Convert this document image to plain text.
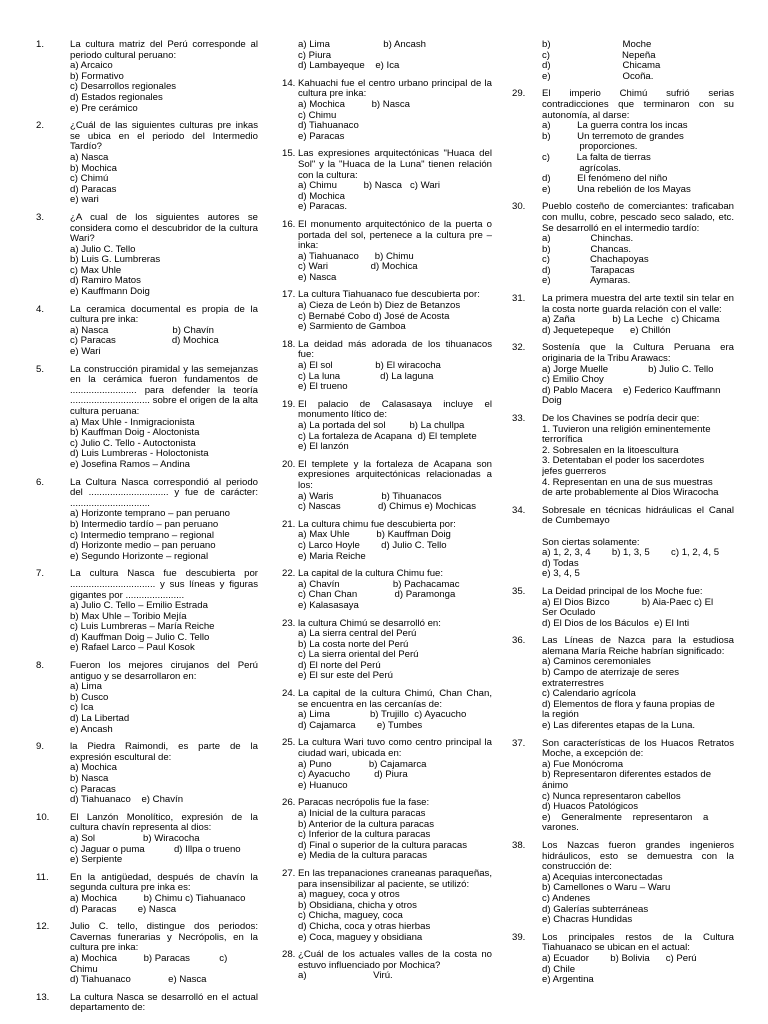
1.	La cultura matriz del Perú corresponde al periodo cultural peruano:
a) Arcaico
b) Formativo
c) Desarrollos regionales
d) Estados regionales
e) Pre cerámico
2.	¿Cuál de las siguientes culturas pre inkas se ubica en el periodo del Intermedio Tardío?
a) Nasca
b) Mochica
c) Chimú
d) Paracas
e) wari
3.	¿A cual de los siguientes autores se considera como el descubridor de la cultura Wari?
a) Julio C. Tello
b) Luis G. Lumbreras
c) Max Uhle
d) Ramiro Matos
e) Kauffmann Doig
4.	La ceramica documental es propia de la cultura pre inka:
a) Nasca                        b) Chavín
c) Paracas                     d) Mochica
e) Wari
5.	La construcción piramidal y las semejanzas en la cerámica fueron fundamentos de ......................... para defender la teoría .............................. sobre el origen de la alta cultura peruana:
a) Max Uhle - Inmigracionista
b) Kauffman Doig - Aloctonista
c) Julio C. Tello - Autoctonista
d) Luis Lumbreras - Holoctonista
e) Josefina Ramos – Andina
6.	La Cultura Nasca correspondió al periodo del .............................. y fue de carácter: ..............................
a) Horizonte temprano – pan peruano
b) Intermedio tardío – pan peruano
c) Intermedio temprano – regional
d) Horizonte medio – pan peruano
e) Segundo Horizonte – regional
7.	La cultura Nasca fue descubierta por ................................ y sus líneas y figuras gigantes por ......................
a) Julio C. Tello – Emilio Estrada
b) Max Uhle – Toribio Mejía
c) Luis Lumbreras – María Reiche
d) Kauffman Doig – Julio C. Tello
e) Rafael Larco – Paul Kosok
8.	Fueron los mejores cirujanos del Perú antiguo y se desarrollaron en:
a) Lima
b) Cusco
c) Ica
d) La Libertad
e) Ancash
9.	la Piedra Raimondi, es parte de la expresión escultural de:
a) Mochica
b) Nasca
c) Paracas
d) Tiahuanaco    e) Chavín
10.	El Lanzón Monolítico, expresión de la cultura chavín representa al dios:
a) Sol                  b) Wiracocha
c) Jaguar o puma           d) Illpa o trueno
e) Serpiente
11.	En la antigüedad, después de chavín la segunda cultura pre inka es:
a) Mochica          b) Chimu c) Tiahuanaco
d) Paracas        e) Nasca
12.	Julio C. tello, distingue dos periodos: Cavernas funerarias y Necrópolis, en la cultura pre inka:
a) Mochica          b) Paracas           c)
Chimu
d) Tiahuanaco              e) Nasca
13.	La cultura Nasca se desarrolló en el actual departamento de:
a) Lima                    b) Ancash
c) Piura
d) Lambayeque    e) Ica
14. Kahuachi fue el centro urbano principal de la cultura pre inka:
a) Mochica          b) Nasca
c) Chimu
d) Tiahuanaco
e) Paracas
15. Las expresiones arquitectónicas "Huaca del Sol" y la "Huaca de la Luna" tienen relación con la cultura:
a) Chimu          b) Nasca   c) Wari
d) Mochica
e) Paracas.
16. El monumento arquitectónico de la puerta o portada del sol, pertenece a la cultura pre – inka:
a) Tiahuanaco      b) Chimu
c) Wari                d) Mochica
e) Nasca
17. La cultura Tiahuanaco fue descubierta por:
a) Cieza de León b) Diez de Betanzos
c) Bernabé Cobo d) José de Acosta
e) Sarmiento de Gamboa
18. La deidad más adorada de los tihuanacos fue:
a) El sol                b) El wiracocha
c) La luna               d) La laguna
e) El trueno
19. El palacio de Calasasaya incluye el monumento lítico de:
a) La portada del sol         b) La chullpa
c) La fortaleza de Acapana  d) El templete
e) El lanzón
20. El templete y la fortaleza de Acapana son expresiones arquitectónicas relacionadas a los:
a) Waris                  b) Tihuanacos
c) Nascas              d) Chimus e) Mochicas
21. La cultura chimu fue descubierta por:
a) Max Uhle          b) Kauffman Doig
c) Larco Hoyle        d) Julio C. Tello
e) Maria Reiche
22. La capital de la cultura Chimu fue:
a) Chavín                    b) Pachacamac
c) Chan Chan              d) Paramonga
e) Kalasasaya
23. la cultura Chimú se desarrolló en:
a) La sierra central del Perú
b) La costa norte del Perú
c) La sierra oriental del Perú
d) El norte del Perú
e) El sur este del Perú
24. La capital de la cultura Chimú, Chan Chan, se encuentra en las cercanías de:
a) Lima               b) Trujillo  c) Ayacucho
d) Cajamarca        e) Tumbes
25. La cultura Wari tuvo como centro principal la ciudad wari, ubicada en:
a) Puno              b) Cajamarca
c) Ayacucho         d) Piura
e) Huanuco
26. Paracas necrópolis fue la fase:
a) Inicial de la cultura paracas
b) Anterior de la cultura paracas
c) Inferior de la cultura paracas
d) Final o superior de la cultura paracas
e) Media de la cultura paracas
27. En las trepanaciones craneanas paraqueñas, para insensibilizar al paciente, se utilizó:
a) maguey, coca y otros
b) Obsidiana, chicha y otros
c) Chicha, maguey, coca
d) Chicha, coca y otras hierbas
e) Coca, maguey y obsidiana
28. ¿Cuál de los actuales valles de la costa no estuvo influenciado por Mochica?
a)                         Virú.
b)                           Moche
c)                           Nepeña
d)                           Chicama
e)                           Ocoña.
29.	El imperio Chimú sufrió serias contradicciones que terminaron con su autonomía, al darse:
a)          La guerra contra los incas
b)          Un terremoto de grandes
proporciones.
c)          La falta de tierras
agrícolas.
d)          El fenómeno del niño
e)          Una rebelión de los Mayas
30.	Pueblo costeño de comerciantes: traficaban con mullu, cobre, pescado seco salado, etc. Se desarrolló en el intermedio tardío:
a)               Chinchas.
b)               Chancas.
c)               Chachapoyas
d)               Tarapacas
e)               Aymaras.
31.	La primera muestra del arte textil sin telar en la costa norte guarda relación con el valle:
a) Zaña              b) La Leche   c) Chicama
d) Jequetepeque      e) Chillón
32.	Sostenía que la Cultura Peruana era originaria de la Tribu Arawacs:
a) Jorge Muelle               b) Julio C. Tello
c) Emilio Choy
d) Pablo Macera    e) Federico Kauffmann
Doig
33.	De los Chavines se podría decir que:
1. Tuvieron una religión eminentemente
terrorífica
2. Sobresalen en la litoescultura
3. Detentaban el poder los sacerdotes
jefes guerreros
4. Representan en una de sus muestras
de arte probablemente al Dios Wiracocha
34.	Sobresale en técnicas hidráulicas el Canal de Cumbemayo
Son ciertas solamente:
a) 1, 2, 3, 4        b) 1, 3, 5        c) 1, 2, 4, 5
d) Todas
e) 3, 4, 5
35.	La Deidad principal de los Moche fue:
a) El Dios Bizco            b) Aia-Paec c) El
Ser Oculado
d) El Dios de los Báculos  e) El Inti
36.	Las Líneas de Nazca para la estudiosa alemana María Reiche habrían significado:
a) Caminos ceremoniales
b) Campo de aterrizaje de seres
extraterrestres
c) Calendario agrícola
d) Elementos de flora y fauna propias de
la región
e) Las diferentes etapas de la Luna.
37.	Son características de los Huacos Retratos Moche, a excepción de:
a) Fue Monócroma
b) Representaron diferentes estados de
ánimo
c) Nunca representaron cabellos
d) Huacos Patológicos
e)    Generalmente    representaron    a
varones.
38.	Los Nazcas fueron grandes ingenieros hidráulicos, esto se demuestra con la construcción de:
a) Acequias interconectadas
b) Camellones o Waru – Waru
c) Andenes
d) Galerías subterráneas
e) Chacras Hundidas
39.	Los principales restos de la Cultura Tiahuanaco se ubican en el actual:
a) Ecuador        b) Bolivia      c) Perú
d) Chile
e) Argentina
